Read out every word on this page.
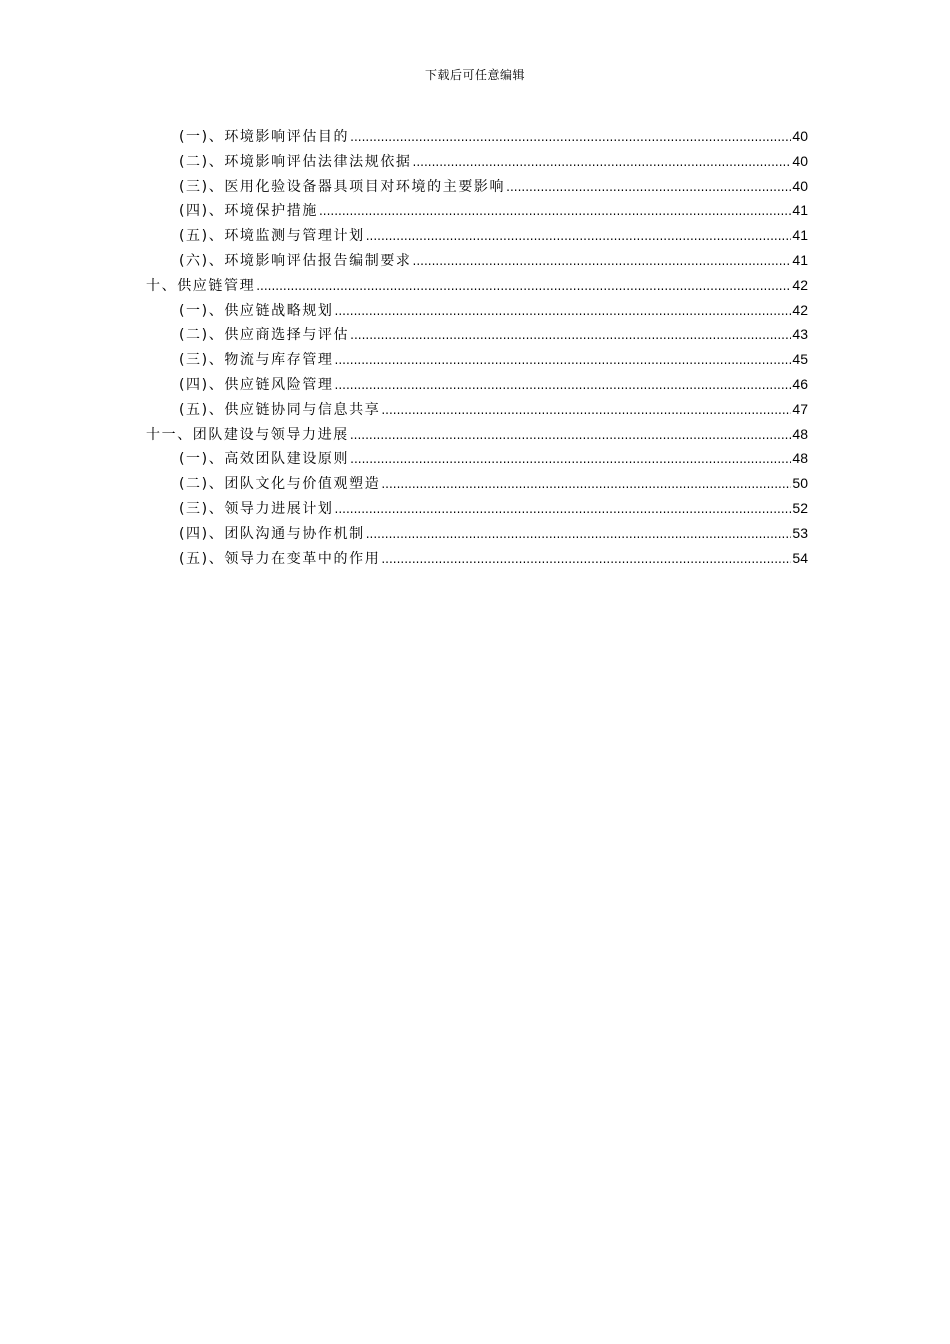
下载后可任意编辑
(一)、环境影响评估目的 .....	40
(二)、环境影响评估法律法规依据 .....	40
(三)、医用化验设备器具项目对环境的主要影响 .....	40
(四)、环境保护措施 .....	41
(五)、环境监测与管理计划 .....	41
(六)、环境影响评估报告编制要求 .....	41
十、供应链管理 .....	42
(一)、供应链战略规划 .....	42
(二)、供应商选择与评估 .....	43
(三)、物流与库存管理 .....	45
(四)、供应链风险管理 .....	46
(五)、供应链协同与信息共享 .....	47
十一、团队建设与领导力进展 .....	48
(一)、高效团队建设原则 .....	48
(二)、团队文化与价值观塑造 .....	50
(三)、领导力进展计划 .....	52
(四)、团队沟通与协作机制 .....	53
(五)、领导力在变革中的作用 .....	54
